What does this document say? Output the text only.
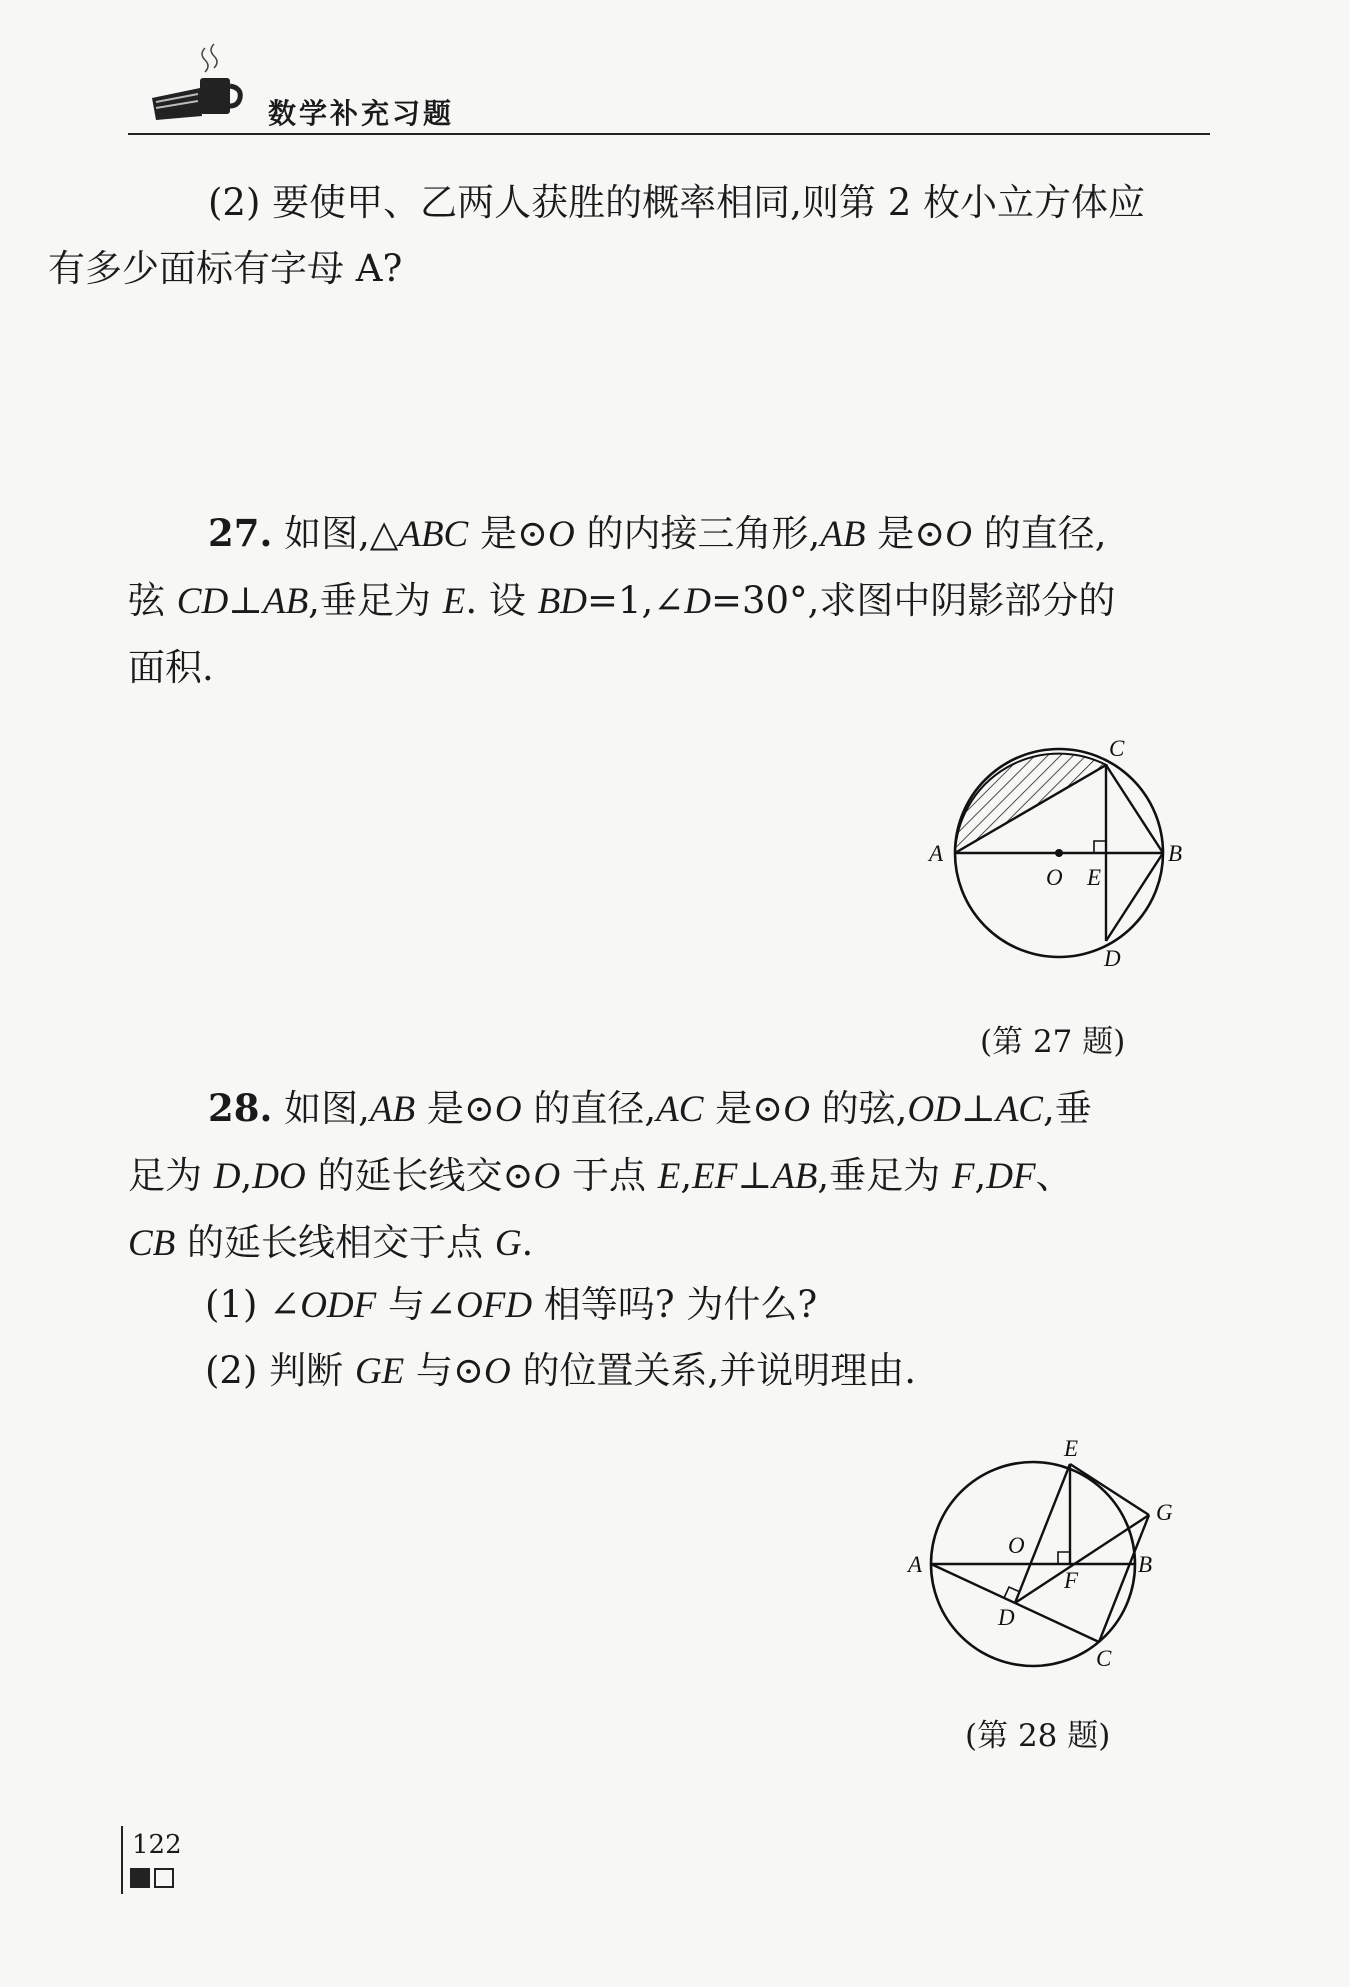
数学补充习题
(2) 要使甲、乙两人获胜的概率相同,则第 2 枚小立方体应
有多少面标有字母 A?
27. 如图,△ABC 是⊙O 的内接三角形,AB 是⊙O 的直径,
弦 CD⊥AB,垂足为 E. 设 BD=1,∠D=30°,求图中阴影部分的
面积.
C
A	B
O E
D
(第 27 题)
28. 如图,AB 是⊙O 的直径,AC 是⊙O 的弦,OD⊥AC,垂
足为 D,DO 的延长线交⊙O 于点 E,EF⊥AB,垂足为 F,DF、
CB 的延长线相交于点 G.
(1) ∠ODF 与∠OFD 相等吗? 为什么?
(2) 判断 GE 与⊙O 的位置关系,并说明理由.
E
G
A
O
B
F
D
C
(第 28 题)
122
